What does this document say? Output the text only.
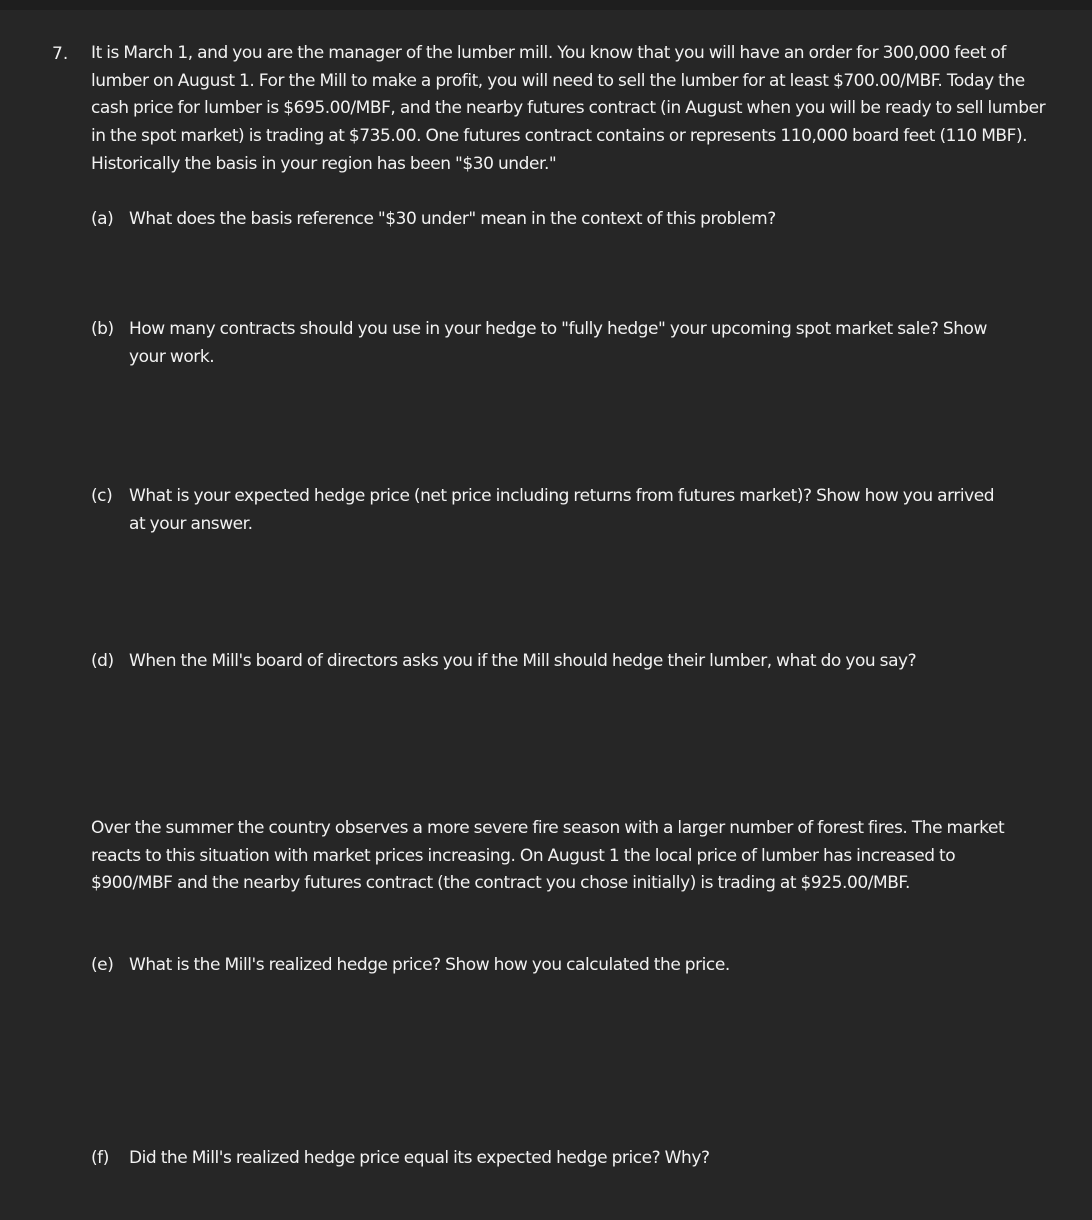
7. It is March 1, and you are the manager of the lumber mill. You know that you will have an order for 300,000 feet of lumber on August 1. For the Mill to make a profit, you will need to sell the lumber for at least $700.00/MBF. Today the cash price for lumber is $695.00/MBF, and the nearby futures contract (in August when you will be ready to sell lumber in the spot market) is trading at $735.00. One futures contract contains or represents 110,000 board feet (110 MBF). Historically the basis in your region has been "$30 under."

(a) What does the basis reference "$30 under" mean in the context of this problem?
(b) How many contracts should you use in your hedge to "fully hedge" your upcoming spot market sale? Show your work.
(c) What is your expected hedge price (net price including returns from futures market)? Show how you arrived at your answer.
(d) When the Mill's board of directors asks you if the Mill should hedge their lumber, what do you say?

Over the summer the country observes a more severe fire season with a larger number of forest fires. The market reacts to this situation with market prices increasing. On August 1 the local price of lumber has increased to $900/MBF and the nearby futures contract (the contract you chose initially) is trading at $925.00/MBF.

(e) What is the Mill's realized hedge price? Show how you calculated the price.
(f) Did the Mill's realized hedge price equal its expected hedge price? Why?
